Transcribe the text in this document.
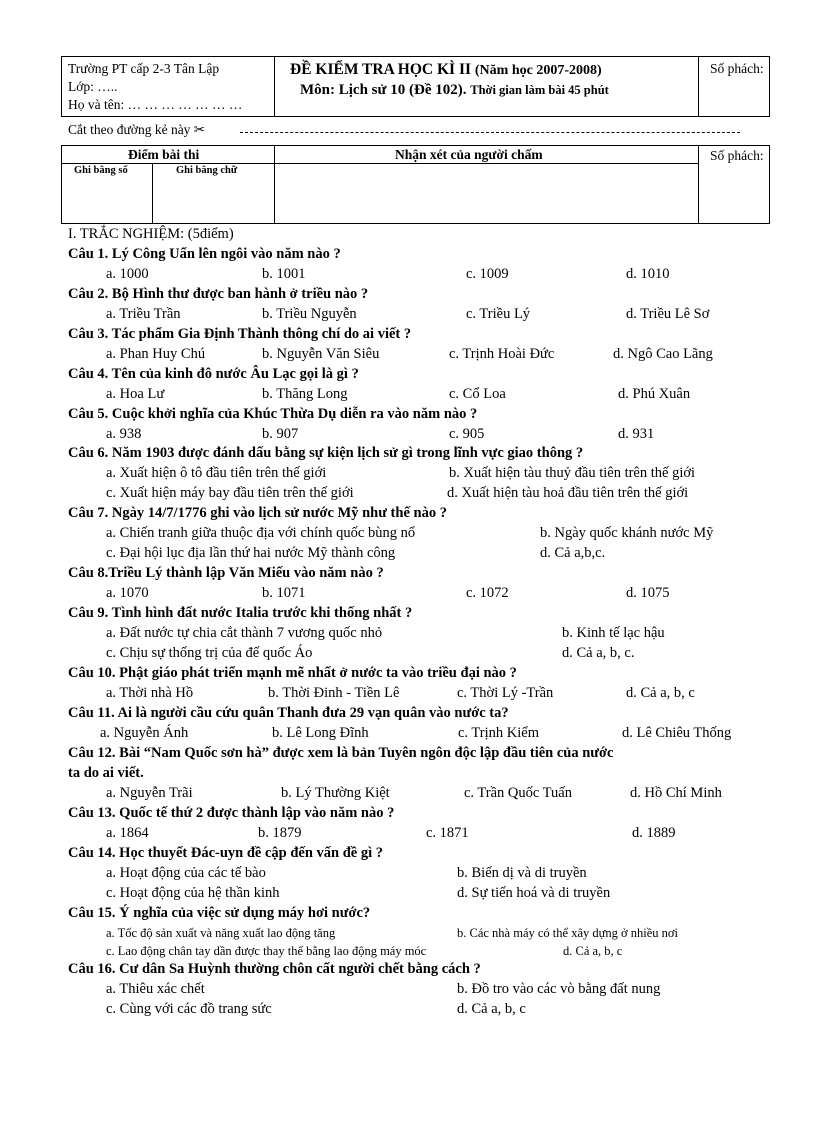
Trường PT cấp 2-3 Tân Lập
Lớp: …..
Họ và tên: … … … … … … …
ĐỀ KIỂM TRA HỌC KÌ II (Năm học 2007-2008)
Môn: Lịch sử 10 (Đề 102). Thời gian làm bài 45 phút
Số phách:
Cắt theo đường kẻ này ✂
Điểm bài thi	Nhận xét của người chấm
Ghi bằng số	Ghi bằng chữ
Số phách:
I. TRẮC NGHIỆM: (5điểm)
Câu 1. Lý Công Uẩn lên ngôi vào năm nào ?
a. 1000	b. 1001	c. 1009	d. 1010
Câu 2. Bộ Hình thư được ban hành ở triều nào ?
a. Triều Trần	b. Triều Nguyễn	c. Triều Lý	d. Triều Lê Sơ
Câu 3. Tác phẩm Gia Định Thành thông chí do ai viết ?
a. Phan Huy Chú	b. Nguyễn Văn Siêu	c. Trịnh Hoài Đức	d. Ngô Cao Lãng
Câu 4. Tên của kinh đô nước Âu Lạc gọi là gì ?
a. Hoa Lư	b. Thăng Long	c. Cổ Loa	d. Phú Xuân
Câu 5. Cuộc khởi nghĩa của Khúc Thừa Dụ diễn ra vào năm nào ?
a. 938	b. 907	c. 905	d. 931
Câu 6. Năm 1903 được đánh dấu bằng sự kiện lịch sử gì trong lĩnh vực giao thông ?
a. Xuất hiện ô tô đầu tiên trên thế giới	b. Xuất hiện tàu thuỷ đầu tiên trên thế giới
c. Xuất hiện máy bay đầu tiên trên thế giới	d. Xuất hiện tàu hoả đầu tiên trên thế giới
Câu 7. Ngày 14/7/1776 ghi vào lịch sử nước Mỹ như thế nào ?
a. Chiến tranh giữa thuộc địa với chính quốc bùng nổ	b. Ngày quốc khánh nước Mỹ
c. Đại hội lục địa lần thứ hai nước Mỹ thành công	d. Cả a,b,c.
Câu 8.Triều Lý thành lập Văn Miếu vào năm nào ?
a. 1070	b. 1071	c. 1072	d. 1075
Câu 9. Tình hình đất nước Italia trước khi thống nhất ?
a. Đất nước tự chia cắt thành 7 vương quốc nhỏ	b. Kinh tế lạc hậu
c. Chịu sự thống trị của đế quốc Áo	d. Cả a, b, c.
Câu 10. Phật giáo phát triển mạnh mẽ nhất ở nước ta vào triều đại nào ?
a. Thời nhà Hồ	b. Thời Đinh - Tiền Lê	c. Thời Lý -Trần	d. Cả a, b, c
Câu 11. Ai là người cầu cứu quân Thanh đưa 29 vạn quân vào nước ta?
a. Nguyễn Ánh	b. Lê Long Đĩnh	c. Trịnh Kiểm	d. Lê Chiêu Thống
Câu 12. Bài “Nam Quốc sơn hà” được xem là bản Tuyên ngôn độc lập đầu tiên của nước
ta do ai viết.
a. Nguyễn Trãi	b. Lý Thường Kiệt	c. Trần Quốc Tuấn	d. Hồ Chí Minh
Câu 13. Quốc tế thứ 2 được thành lập vào năm nào ?
a. 1864	b. 1879	c. 1871	d. 1889
Câu 14. Học thuyết Đác-uyn đề cập đến vấn đề gì ?
a. Hoạt động của các tế bào	b. Biến dị và di truyền
c. Hoạt động của hệ thần kinh	d. Sự tiến hoá và di truyền
Câu 15. Ý nghĩa của việc sử dụng máy hơi nước?
a. Tốc độ sản xuất và năng xuất lao động tăng	b. Các nhà máy có thể xây dựng ở nhiều nơi
c. Lao động chân tay dần được thay thế bằng lao động máy móc	d. Cả a, b, c
Câu 16. Cư dân Sa Huỳnh thường chôn cất người chết bằng cách ?
a. Thiêu xác chết	b. Đồ tro vào các vò bằng đất nung
c. Cùng với các đồ trang sức	d. Cả a, b, c
